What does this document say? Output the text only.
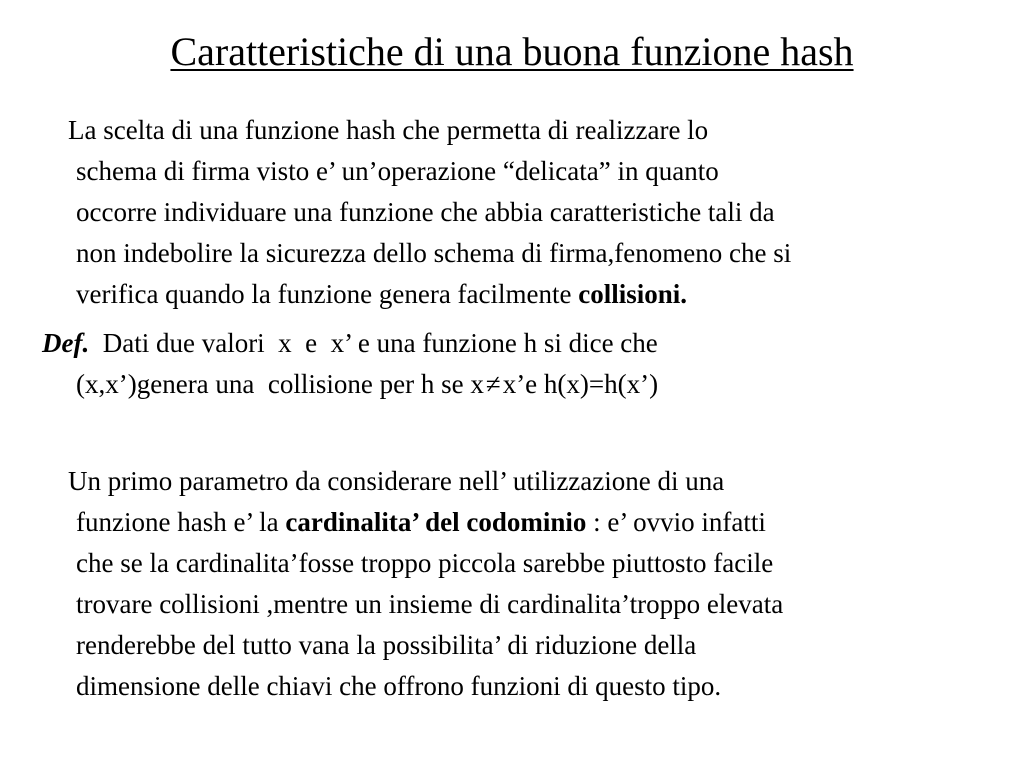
Caratteristiche di una buona funzione hash
La scelta di una funzione hash che permetta di realizzare lo
schema di firma visto e’ un’operazione “delicata” in quanto
occorre individuare una funzione che abbia caratteristiche tali da
non indebolire la sicurezza dello schema di firma,fenomeno che si
verifica quando la funzione genera facilmente collisioni.
Def.  Dati due valori  x  e  x’ e una funzione h si dice che
(x,x’)genera una  collisione per h se x≠x’e h(x)=h(x’)
Un primo parametro da considerare nell’ utilizzazione di una
funzione hash e’ la cardinalita’ del codominio : e’ ovvio infatti
che se la cardinalita’fosse troppo piccola sarebbe piuttosto facile
trovare collisioni ,mentre un insieme di cardinalita’troppo elevata
renderebbe del tutto vana la possibilita’ di riduzione della
dimensione delle chiavi che offrono funzioni di questo tipo.
